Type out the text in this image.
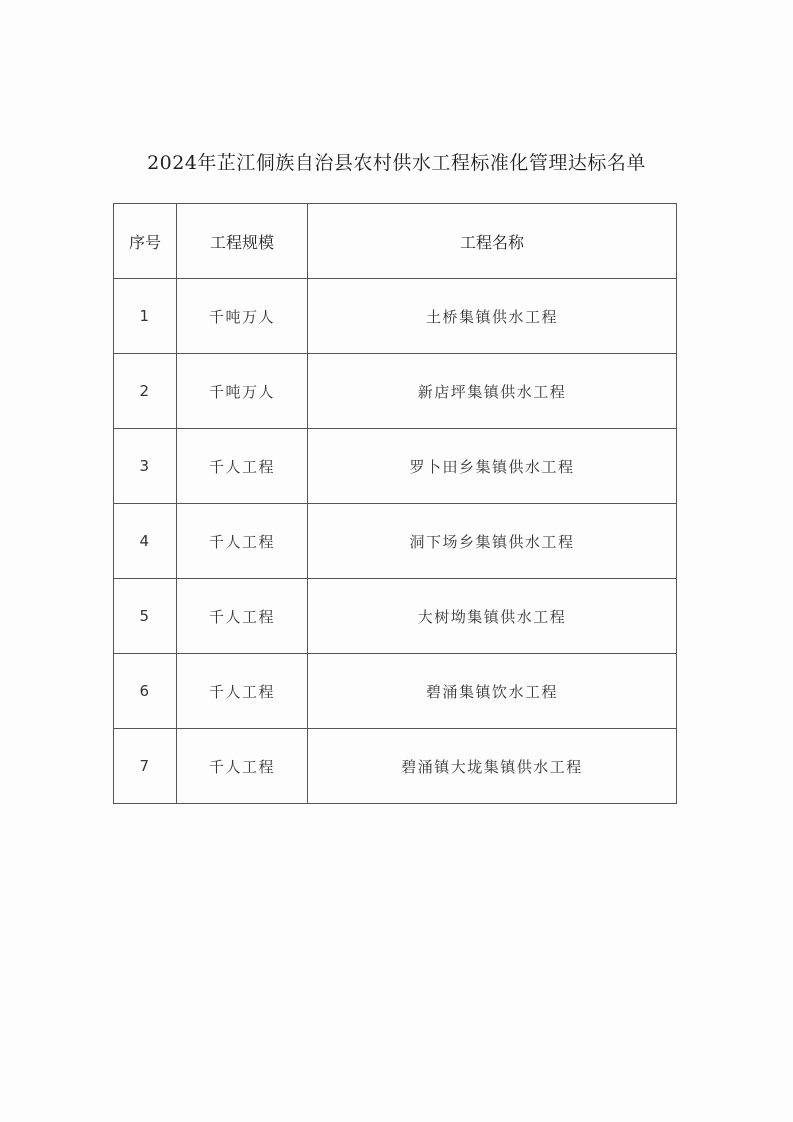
2024年芷江侗族自治县农村供水工程标准化管理达标名单
序号	工程规模	工程名称
1	千吨万人	土桥集镇供水工程
2	千吨万人	新店坪集镇供水工程
3	千人工程	罗卜田乡集镇供水工程
4	千人工程	洞下场乡集镇供水工程
5	千人工程	大树坳集镇供水工程
6	千人工程	碧涌集镇饮水工程
7	千人工程	碧涌镇大垅集镇供水工程
